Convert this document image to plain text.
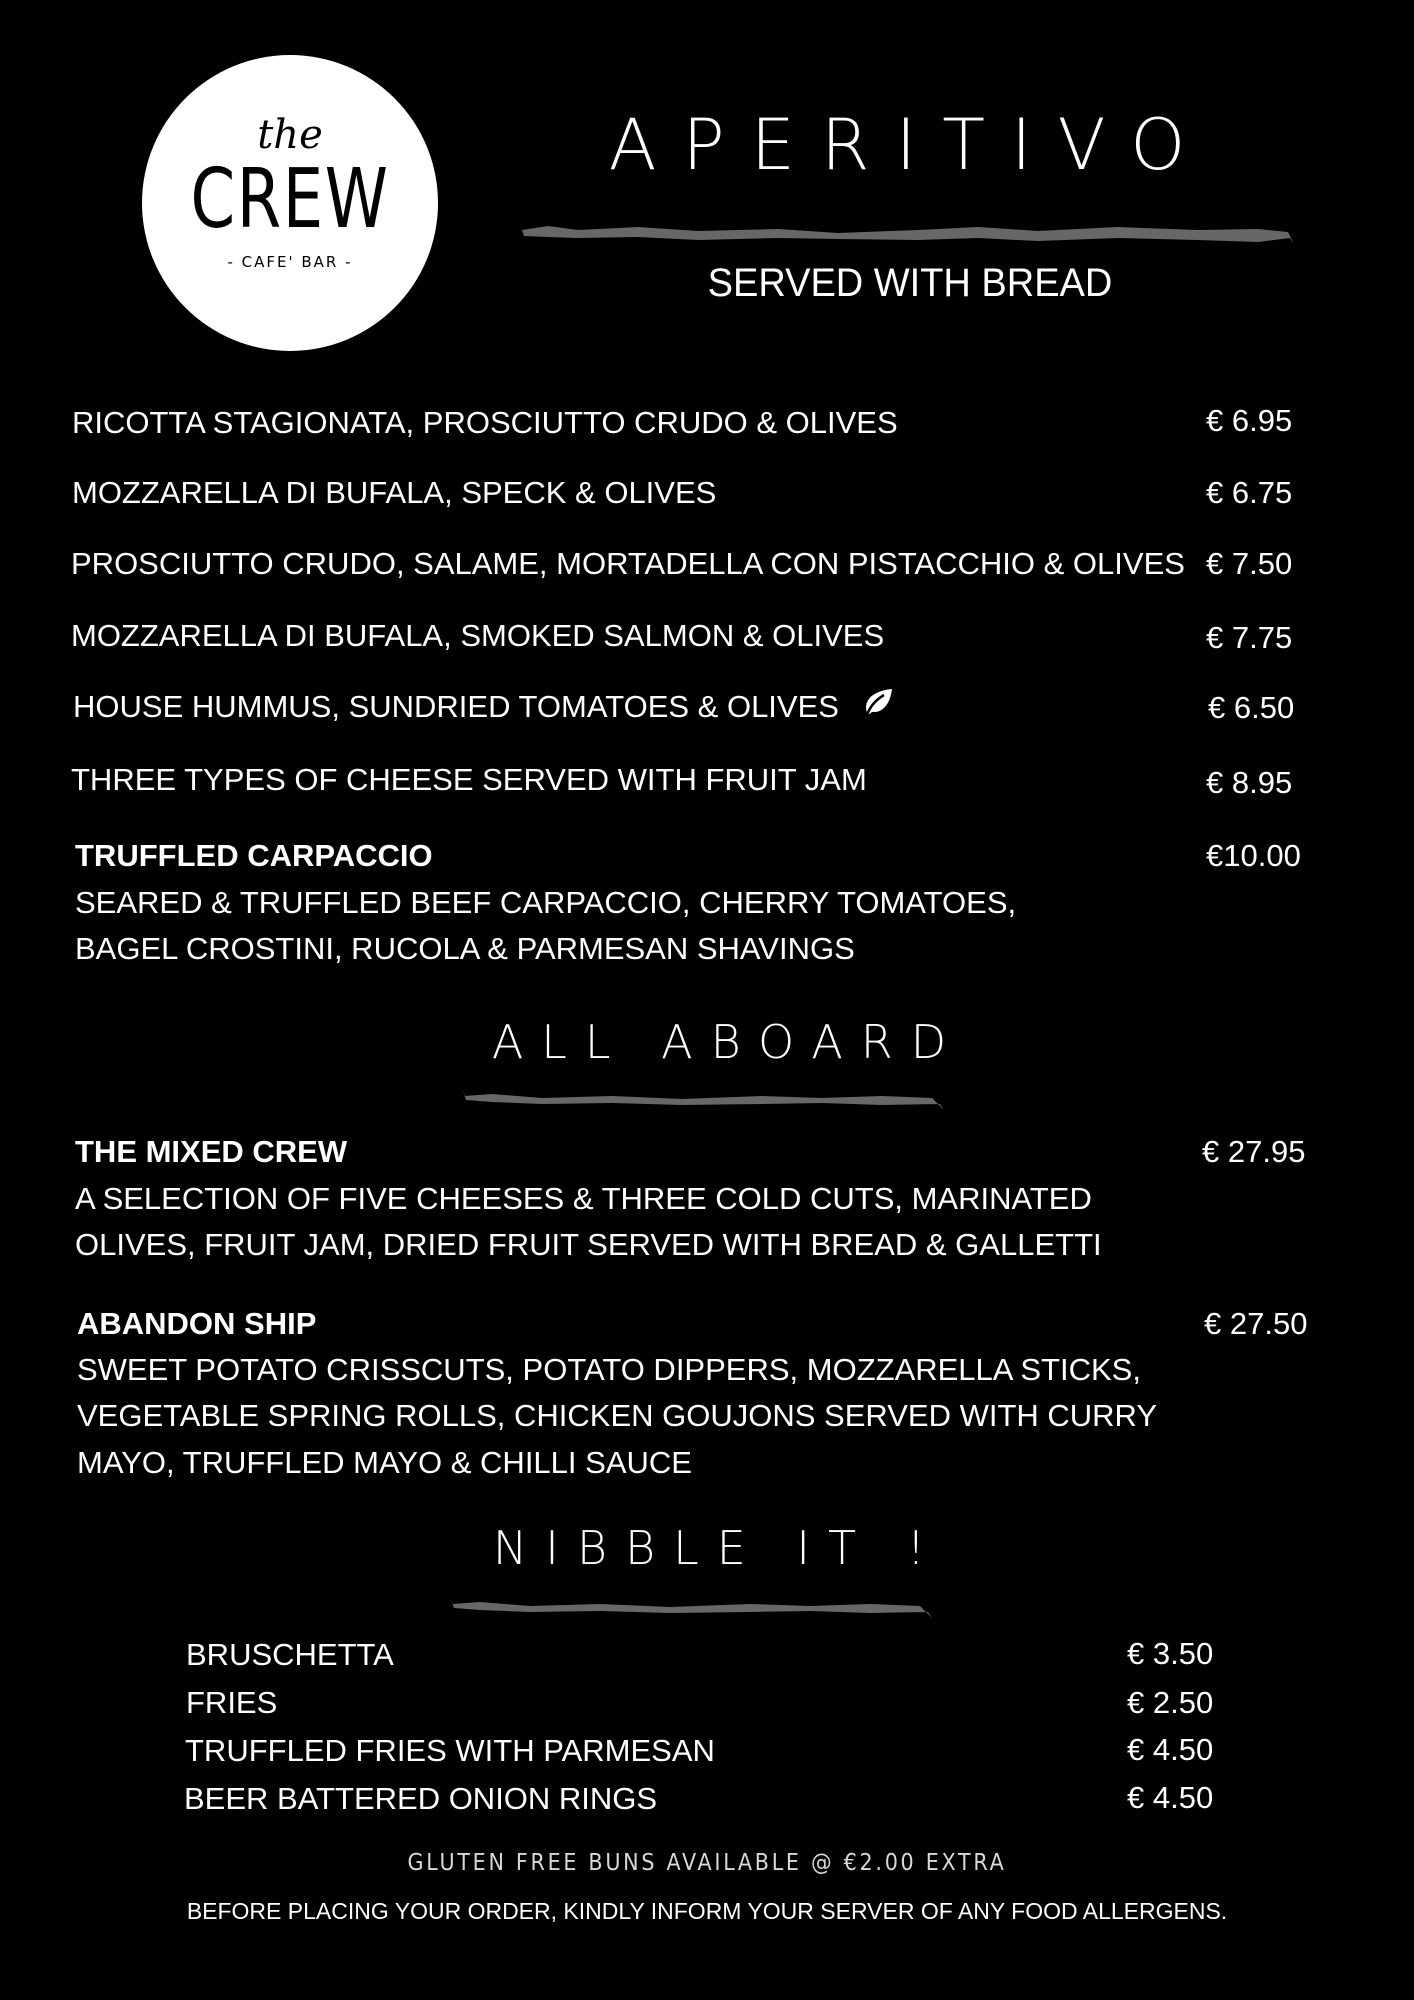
the
CREW
- CAFE' BAR -
APERITIVO
SERVED WITH BREAD
RICOTTA STAGIONATA, PROSCIUTTO CRUDO & OLIVES	€ 6.95
MOZZARELLA DI BUFALA, SPECK & OLIVES	€ 6.75
PROSCIUTTO CRUDO, SALAME, MORTADELLA CON PISTACCHIO & OLIVES € 7.50
MOZZARELLA DI BUFALA, SMOKED SALMON & OLIVES	€ 7.75
HOUSE HUMMUS, SUNDRIED TOMATOES & OLIVES	€ 6.50
THREE TYPES OF CHEESE SERVED WITH FRUIT JAM	€ 8.95
TRUFFLED CARPACCIO	€10.00
SEARED & TRUFFLED BEEF CARPACCIO, CHERRY TOMATOES,
BAGEL CROSTINI, RUCOLA & PARMESAN SHAVINGS
ALL ABOARD
THE MIXED CREW	€ 27.95
A SELECTION OF FIVE CHEESES & THREE COLD CUTS, MARINATED
OLIVES, FRUIT JAM, DRIED FRUIT SERVED WITH BREAD & GALLETTI
ABANDON SHIP	€ 27.50
SWEET POTATO CRISSCUTS, POTATO DIPPERS, MOZZARELLA STICKS,
VEGETABLE SPRING ROLLS, CHICKEN GOUJONS SERVED WITH CURRY
MAYO, TRUFFLED MAYO & CHILLI SAUCE
NIBBLE IT !
BRUSCHETTA	€ 3.50
FRIES	€ 2.50
TRUFFLED FRIES WITH PARMESAN	€ 4.50
BEER BATTERED ONION RINGS	€ 4.50
GLUTEN FREE BUNS AVAILABLE @ €2.00 EXTRA
BEFORE PLACING YOUR ORDER, KINDLY INFORM YOUR SERVER OF ANY FOOD ALLERGENS.
